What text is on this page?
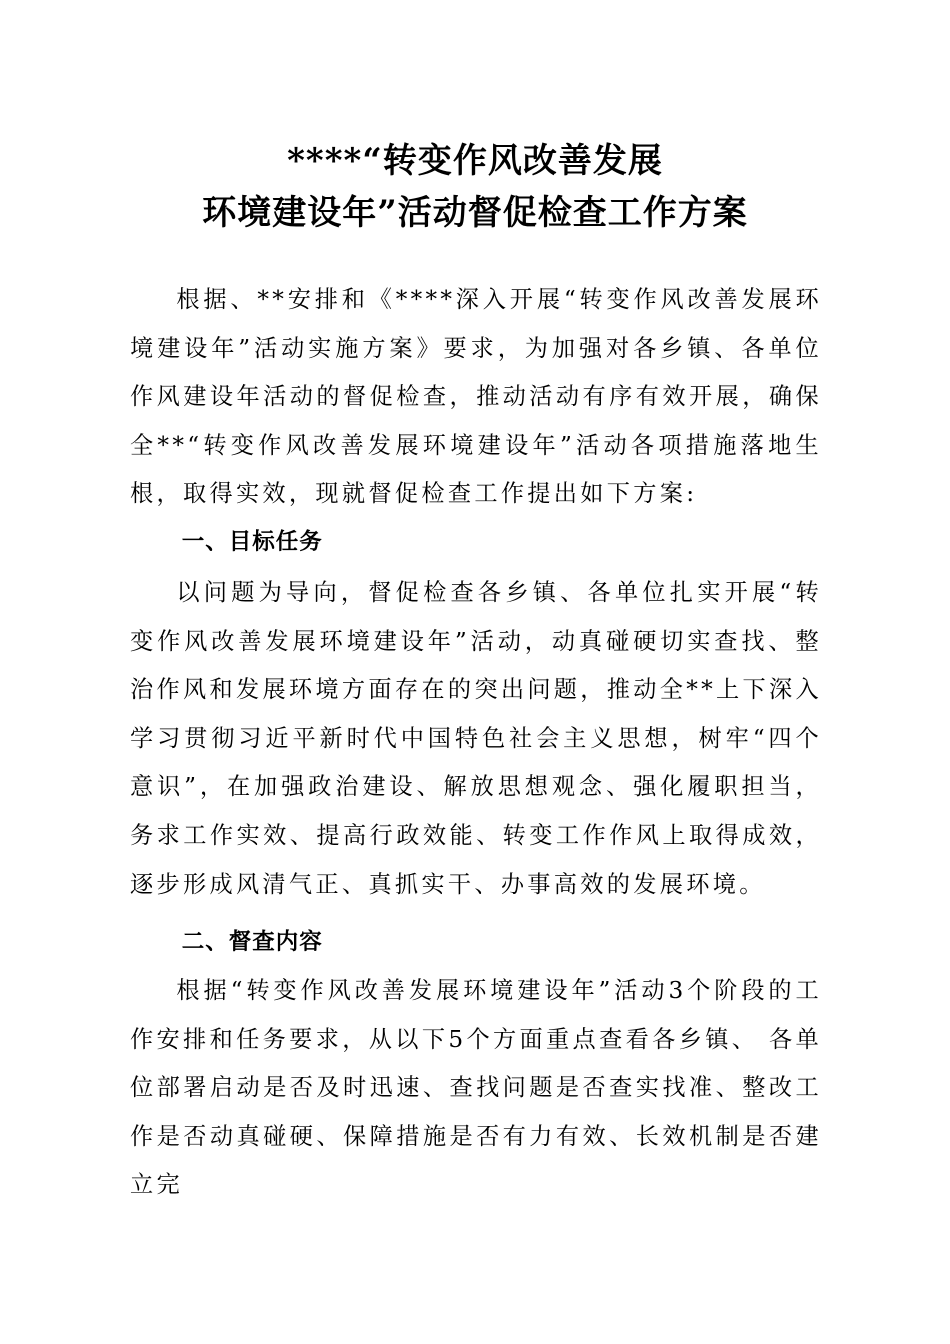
****“转变作风改善发展
环境建设年”活动督促检查工作方案

根据、**安排和《****深入开展“转变作风改善发展环境建设年”活动实施方案》要求，为加强对各乡镇、各单位作风建设年活动的督促检查，推动活动有序有效开展，确保全**“转变作风改善发展环境建设年”活动各项措施落地生根，取得实效，现就督促检查工作提出如下方案:

一、目标任务

以问题为导向，督促检查各乡镇、各单位扎实开展“转变作风改善发展环境建设年”活动，动真碰硬切实查找、整治作风和发展环境方面存在的突出问题，推动全**上下深入学习贯彻习近平新时代中国特色社会主义思想，树牢“四个意识”，在加强政治建设、解放思想观念、强化履职担当，务求工作实效、提高行政效能、转变工作作风上取得成效，逐步形成风清气正、真抓实干、办事高效的发展环境。

二、督查内容

根据“转变作风改善发展环境建设年”活动3个阶段的工作安排和任务要求，从以下5个方面重点查看各乡镇、 各单位部署启动是否及时迅速、查找问题是否查实找准、整改工作是否动真碰硬、保障措施是否有力有效、长效机制是否建立完
